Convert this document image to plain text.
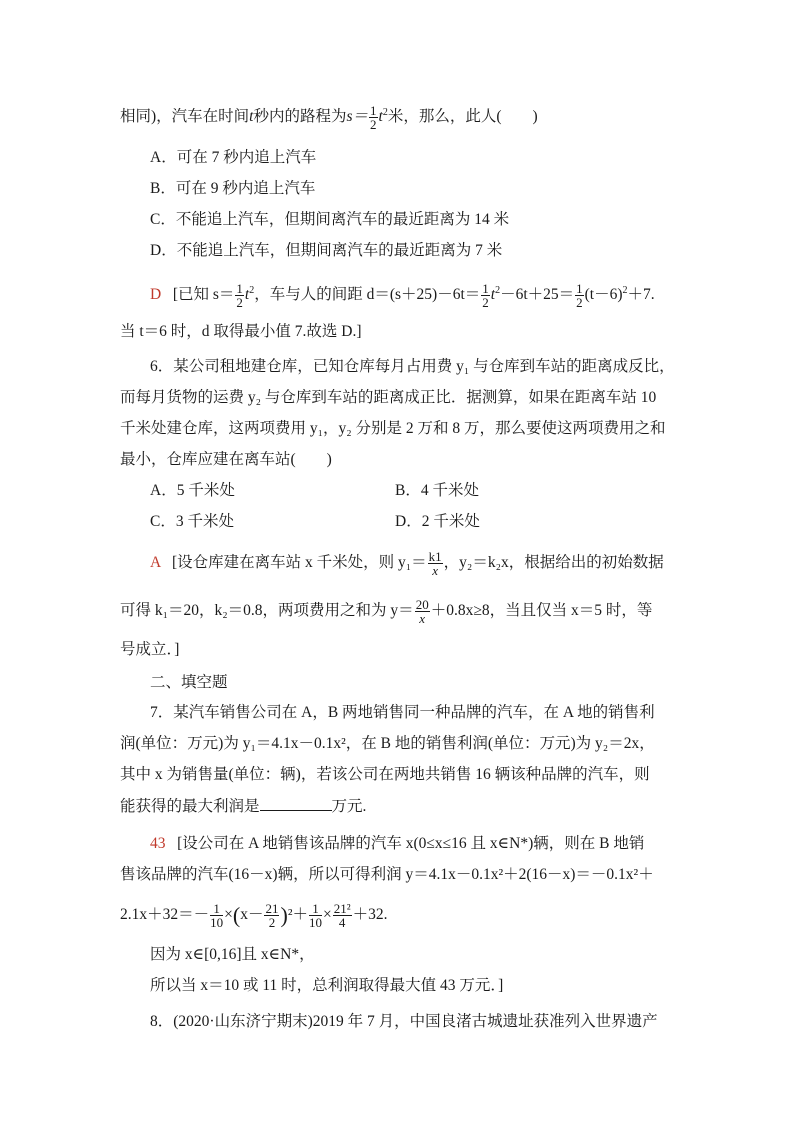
相同)，汽车在时间t秒内的路程为$s= \frac{1}{2} t^2$米，那么，此人(　　)
A．可在 7 秒内追上汽车
B．可在 9 秒内追上汽车
C．不能追上汽车，但期间离汽车的最近距离为 14 米
D．不能追上汽车，但期间离汽车的最近距离为 7 米
D [已知 $s= \frac{1}{2} t^2$，车与人的间距 $d=(s+25)-6t= \frac{1}{2} t^2-6t+25= \frac{1}{2} (t-6)^2+7$.
当 t＝6 时，d 取得最小值 7.故选 D.]
6．某公司租地建仓库，已知仓库每月占用费 y₁ 与仓库到车站的距离成反比，
而每月货物的运费 y₂ 与仓库到车站的距离成正比．据测算，如果在距离车站 10
千米处建仓库，这两项费用 y₁，y₂ 分别是 2 万和 8 万，那么要使这两项费用之和
最小，仓库应建在离车站(　　)
A．5 千米处	B．4 千米处
C．3 千米处	D．2 千米处
A [设仓库建在离车站 x 千米处，则 $y_1= \frac{k1}{x}$ ，y₂＝k₂x，根据给出的初始数据
可得 k₁＝20，k₂＝0.8，两项费用之和为 $y= \frac{20}{x} +0.8x\ge 8$，当且仅当 x＝5 时，等
号成立．]
二、填空题
7．某汽车销售公司在 A，B 两地销售同一种品牌的汽车，在 A 地的销售利
润(单位：万元)为 y₁＝4.1x－0.1x²，在 B 地的销售利润(单位：万元)为 y₂＝2x，
其中 x 为销售量(单位：辆)，若该公司在两地共销售 16 辆该种品牌的汽车，则
能获得的最大利润是	万元.
43 [设公司在 A 地销售该品牌的汽车 x(0≤x≤16 且 x∈N*)辆，则在 B 地销
售该品牌的汽车(16－x)辆，所以可得利润 y＝4.1x－0.1x²＋2(16－x)＝－0.1x²＋
$2.1x+32=- \frac{1}{10} \times(x- \frac{21}{2} )^2+ \frac{1}{10} \times \frac{\text{21²}}{4} +32$.
因为 x∈[0,16]且 x∈N*，
所以当 x＝10 或 11 时，总利润取得最大值 43 万元．]
8．(2020·山东济宁期末)2019 年 7 月，中国良渚古城遗址获准列入世界遗产
